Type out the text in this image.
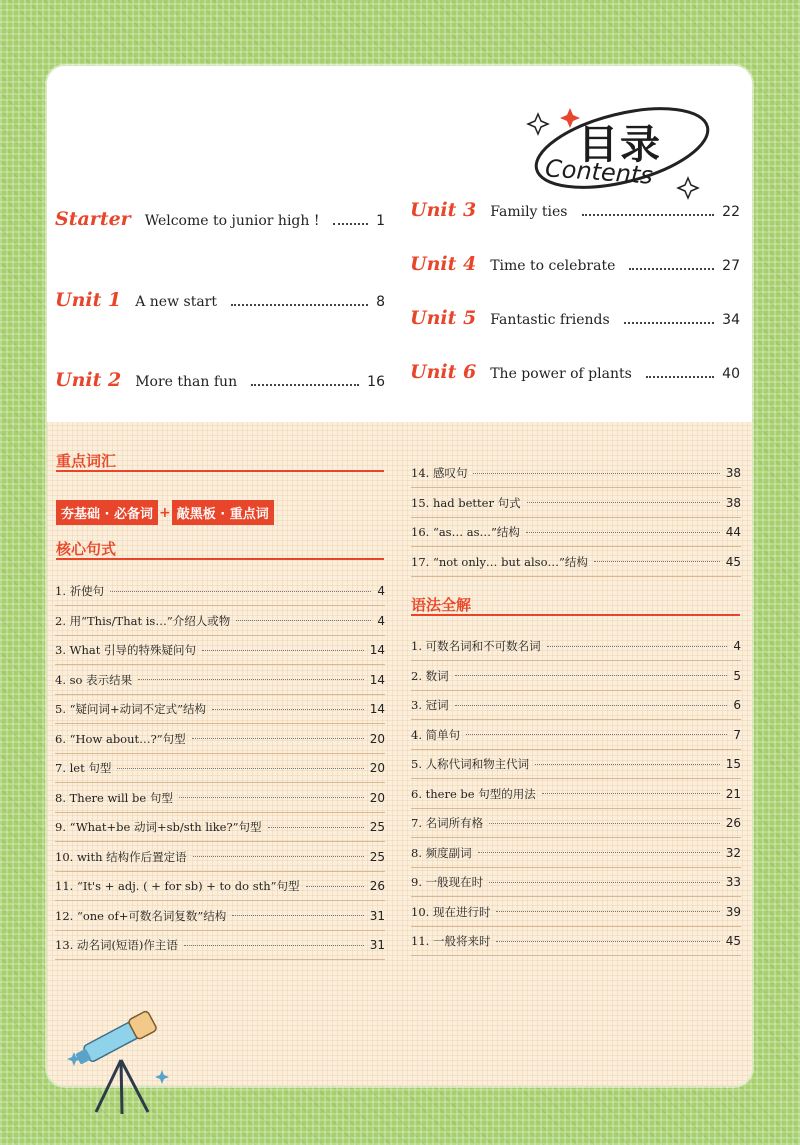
目录
Contents
Starter Welcome to junior high !	1
Unit 1 A new start	8
Unit 2 More than fun	16
Unit 3 Family ties	22
Unit 4 Time to celebrate	27
Unit 5 Fantastic friends	34
Unit 6 The power of plants	40
重点词汇
夯基础 · 必备词 + 敲黑板 · 重点词
核心句式
语法全解
1. 祈使句	4
2. 用“This/That is…”介绍人或物	4
3. What 引导的特殊疑问句	14
4. so 表示结果	14
5. “疑问词+动词不定式”结构	14
6. “How about…?”句型	20
7. let 句型	20
8. There will be 句型	20
9. “What+be 动词+sb/sth like?”句型	25
10. with 结构作后置定语	25
11. “It's + adj. ( + for sb) + to do sth”句型	26
12. “one of+可数名词复数”结构	31
13. 动名词(短语)作主语	31
14. 感叹句	38
15. had better 句式	38
16. “as… as…”结构	44
17. “not only… but also…”结构	45
1. 可数名词和不可数名词	4
2. 数词	5
3. 冠词	6
4. 简单句	7
5. 人称代词和物主代词	15
6. there be 句型的用法	21
7. 名词所有格	26
8. 频度副词	32
9. 一般现在时	33
10. 现在进行时	39
11. 一般将来时	45
